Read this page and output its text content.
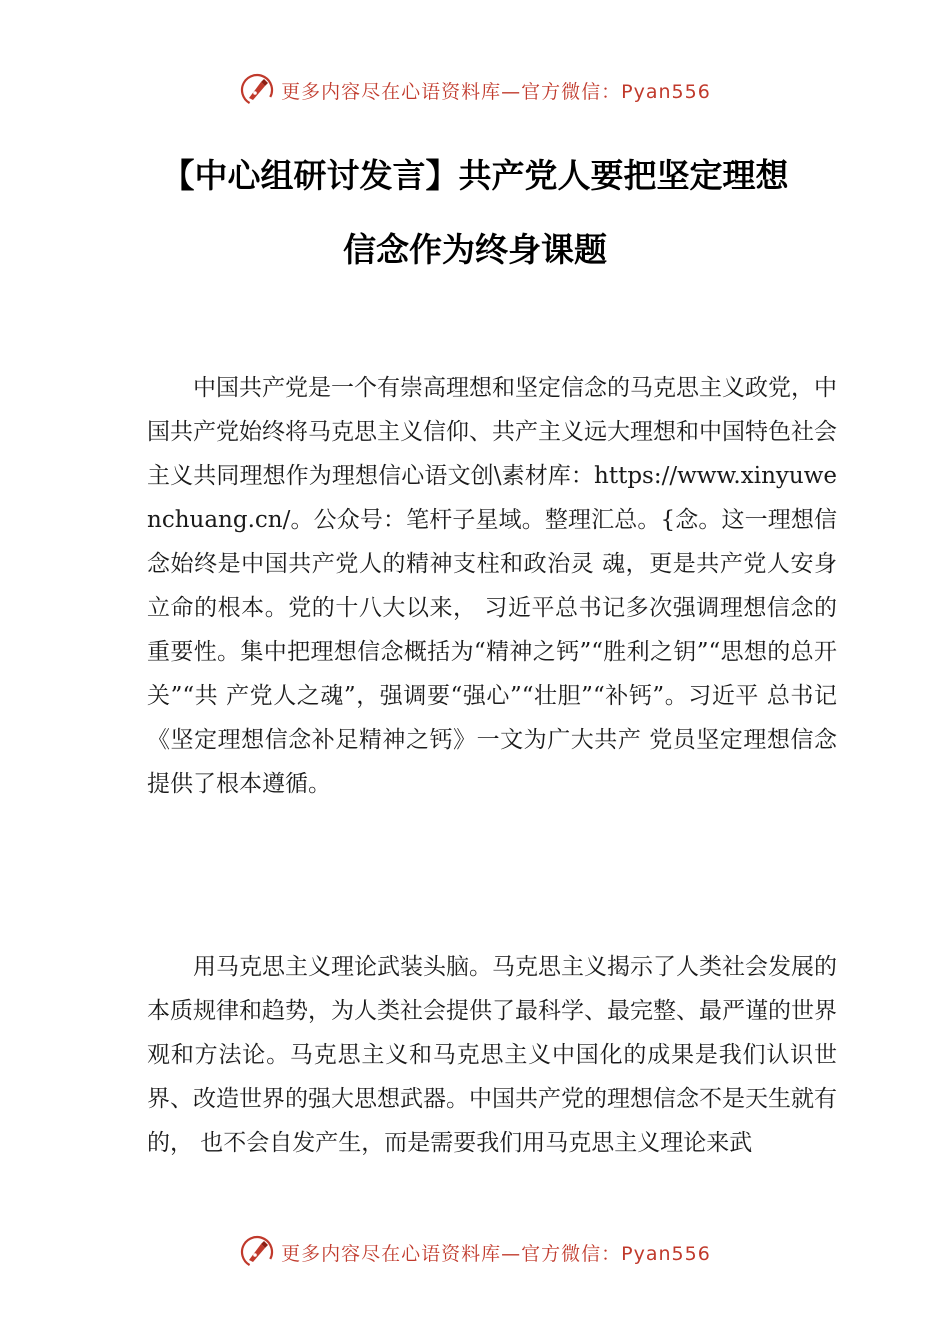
更多内容尽在心语资料库—官方微信：Pyan556
【中心组研讨发言】共产党人要把坚定理想
信念作为终身课题

中国共产党是一个有崇高理想和坚定信念的马克思主义政党，中国共产党始终将马克思主义信仰、共产主义远大理想和中国特色社会主义共同理想作为理想信心语文创\素材库：https://www.xinyuwenchuang.cn/。公众号：笔杆子星域。整理汇总。{念。这一理想信念始终是中国共产党人的精神支柱和政治灵 魂，更是共产党人安身立命的根本。党的十八大以来， 习近平总书记多次强调理想信念的重要性。集中把理想信念概括为“精神之钙”“胜利之钥”“思想的总开关”“共 产党人之魂”，强调要“强心”“壮胆”“补钙”。习近平 总书记《坚定理想信念补足精神之钙》一文为广大共产 党员坚定理想信念提供了根本遵循。

用马克思主义理论武装头脑。马克思主义揭示了人类社会发展的本质规律和趋势，为人类社会提供了最科学、最完整、最严谨的世界观和方法论。马克思主义和马克思主义中国化的成果是我们认识世界、改造世界的强大思想武器。中国共产党的理想信念不是天生就有的， 也不会自发产生，而是需要我们用马克思主义理论来武

更多内容尽在心语资料库—官方微信：Pyan556
